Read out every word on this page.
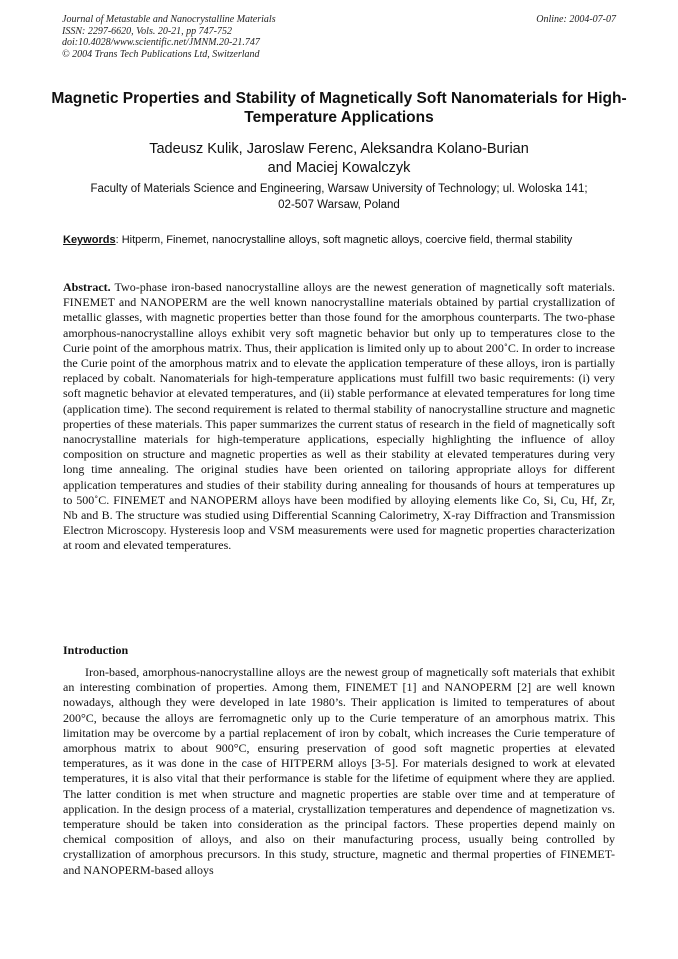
Journal of Metastable and Nanocrystalline Materials
ISSN: 2297-6620, Vols. 20-21, pp 747-752
doi:10.4028/www.scientific.net/JMNM.20-21.747
© 2004 Trans Tech Publications Ltd, Switzerland
Online: 2004-07-07
Magnetic Properties and Stability of Magnetically Soft Nanomaterials for High-Temperature Applications
Tadeusz Kulik, Jaroslaw Ferenc, Aleksandra Kolano-Burian
and Maciej Kowalczyk
Faculty of Materials Science and Engineering, Warsaw University of Technology; ul. Woloska 141;
02-507 Warsaw, Poland
Keywords: Hitperm, Finemet, nanocrystalline alloys, soft magnetic alloys, coercive field, thermal stability
Abstract. Two-phase iron-based nanocrystalline alloys are the newest generation of magnetically soft materials. FINEMET and NANOPERM are the well known nanocrystalline materials obtained by partial crystallization of metallic glasses, with magnetic properties better than those found for the amorphous counterparts. The two-phase amorphous-nanocrystalline alloys exhibit very soft magnetic behavior but only up to temperatures close to the Curie point of the amorphous matrix. Thus, their application is limited only up to about 200˚C. In order to increase the Curie point of the amorphous matrix and to elevate the application temperature of these alloys, iron is partially replaced by cobalt. Nanomaterials for high-temperature applications must fulfill two basic requirements: (i) very soft magnetic behavior at elevated temperatures, and (ii) stable performance at elevated temperatures for long time (application time). The second requirement is related to thermal stability of nanocrystalline structure and magnetic properties of these materials. This paper summarizes the current status of research in the field of magnetically soft nanocrystalline materials for high-temperature applications, especially highlighting the influence of alloy composition on structure and magnetic properties as well as their stability at elevated temperatures during very long time annealing. The original studies have been oriented on tailoring appropriate alloys for different application temperatures and studies of their stability during annealing for thousands of hours at temperatures up to 500˚C. FINEMET and NANOPERM alloys have been modified by alloying elements like Co, Si, Cu, Hf, Zr, Nb and B. The structure was studied using Differential Scanning Calorimetry, X-ray Diffraction and Transmission Electron Microscopy. Hysteresis loop and VSM measurements were used for magnetic properties characterization at room and elevated temperatures.
Introduction
Iron-based, amorphous-nanocrystalline alloys are the newest group of magnetically soft materials that exhibit an interesting combination of properties. Among them, FINEMET [1] and NANOPERM [2] are well known nowadays, although they were developed in late 1980’s. Their application is limited to temperatures of about 200°C, because the alloys are ferromagnetic only up to the Curie temperature of an amorphous matrix. This limitation may be overcome by a partial replacement of iron by cobalt, which increases the Curie temperature of amorphous matrix to about 900°C, ensuring preservation of good soft magnetic properties at elevated temperatures, as it was done in the case of HITPERM alloys [3-5]. For materials designed to work at elevated temperatures, it is also vital that their performance is stable for the lifetime of equipment where they are applied. The latter condition is met when structure and magnetic properties are stable over time and at temperature of application. In the design process of a material, crystallization temperatures and dependence of magnetization vs. temperature should be taken into consideration as the principal factors. These properties depend mainly on chemical composition of alloys, and also on their manufacturing process, usually being controlled by crystallization of amorphous precursors. In this study, structure, magnetic and thermal properties of FINEMET- and NANOPERM-based alloys
